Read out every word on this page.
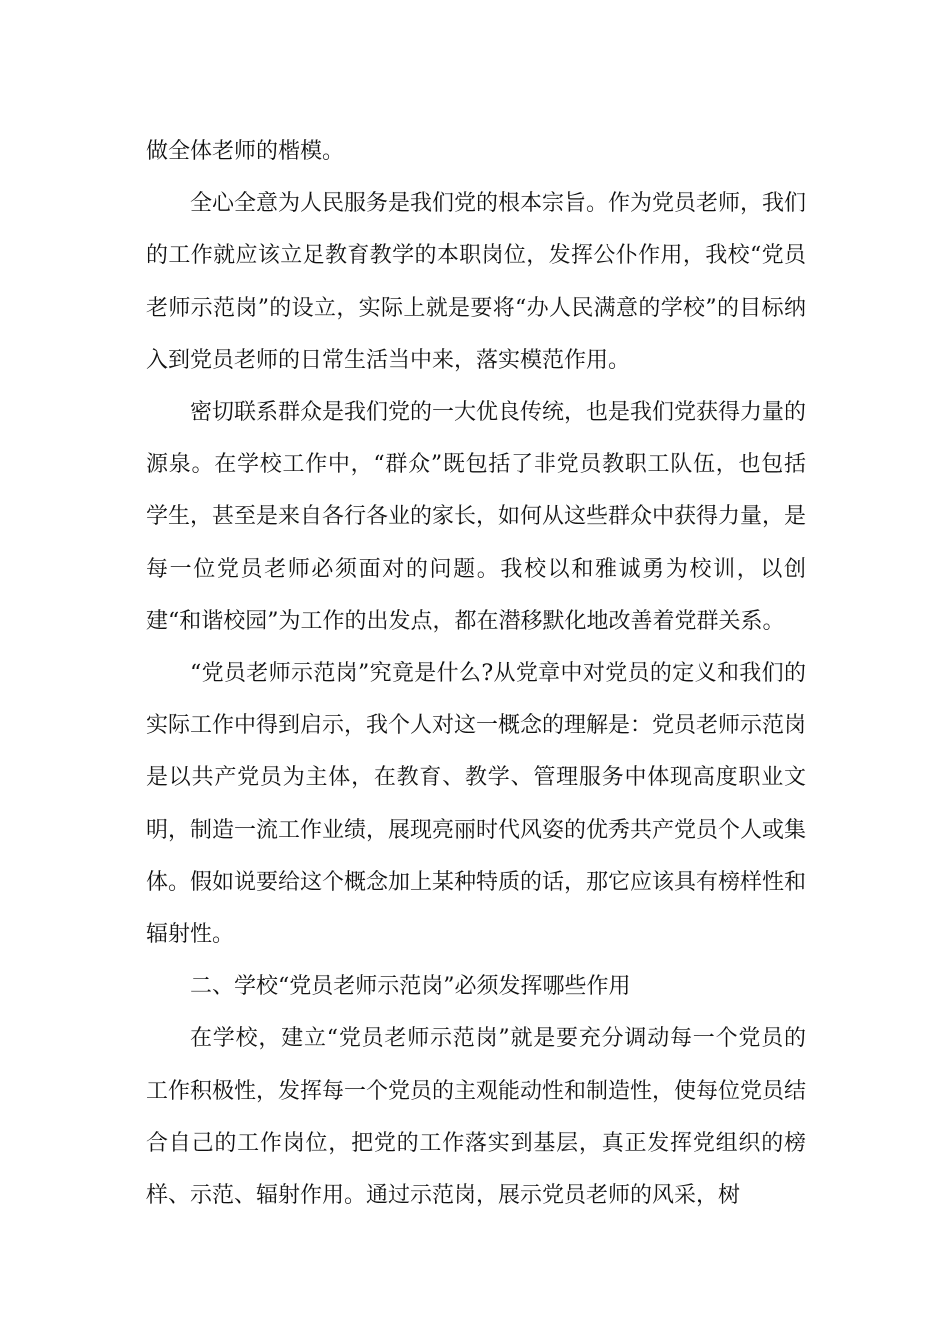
做全体老师的楷模。

全心全意为人民服务是我们党的根本宗旨。作为党员老师，我们的工作就应该立足教育教学的本职岗位，发挥公仆作用，我校“党员老师示范岗”的设立，实际上就是要将“办人民满意的学校”的目标纳入到党员老师的日常生活当中来，落实模范作用。

密切联系群众是我们党的一大优良传统，也是我们党获得力量的源泉。在学校工作中，“群众”既包括了非党员教职工队伍，也包括学生，甚至是来自各行各业的家长，如何从这些群众中获得力量，是每一位党员老师必须面对的问题。我校以和雅诚勇为校训，以创建“和谐校园”为工作的出发点，都在潜移默化地改善着党群关系。

“党员老师示范岗”究竟是什么?从党章中对党员的定义和我们的实际工作中得到启示，我个人对这一概念的理解是：党员老师示范岗是以共产党员为主体，在教育、教学、管理服务中体现高度职业文明，制造一流工作业绩，展现亮丽时代风姿的优秀共产党员个人或集体。假如说要给这个概念加上某种特质的话，那它应该具有榜样性和辐射性。

二、学校“党员老师示范岗”必须发挥哪些作用

在学校，建立“党员老师示范岗”就是要充分调动每一个党员的工作积极性，发挥每一个党员的主观能动性和制造性，使每位党员结合自己的工作岗位，把党的工作落实到基层，真正发挥党组织的榜样、示范、辐射作用。通过示范岗，展示党员老师的风采，树
